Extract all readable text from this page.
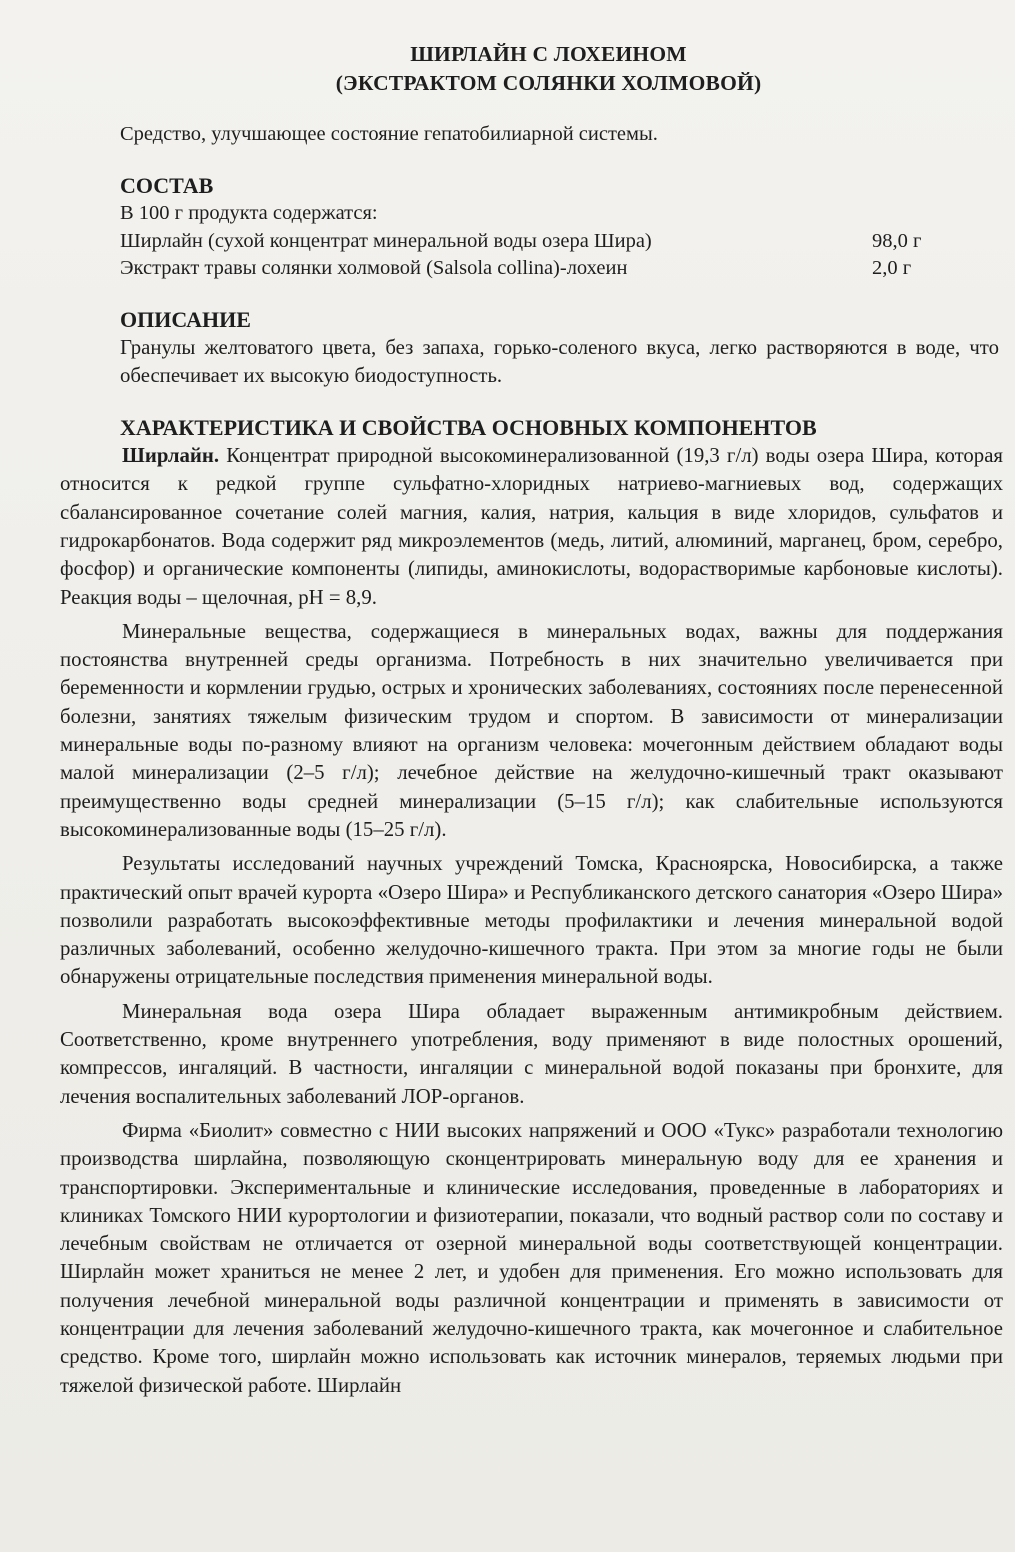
ШИРЛАЙН С ЛОХЕИНОМ
(ЭКСТРАКТОМ СОЛЯНКИ ХОЛМОВОЙ)

Средство, улучшающее состояние гепатобилиарной системы.

СОСТАВ

В 100 г продукта содержатся:

Ширлайн (сухой концентрат минеральной воды озера Шира)	98,0 г
Экстракт травы солянки холмовой (Salsola collina)-лохеин	2,0 г
ОПИСАНИЕ

Гранулы желтоватого цвета, без запаха, горько-соленого вкуса, легко растворяются в воде, что обеспечивает их высокую биодоступность.

ХАРАКТЕРИСТИКА И СВОЙСТВА ОСНОВНЫХ КОМПОНЕНТОВ

Ширлайн. Концентрат природной высокоминерализованной (19,3 г/л) воды озера Шира, которая относится к редкой группе сульфатно-хлоридных натриево-магниевых вод, содержащих сбалансированное сочетание солей магния, калия, натрия, кальция в виде хлоридов, сульфатов и гидрокарбонатов. Вода содержит ряд микроэлементов (медь, литий, алюминий, марганец, бром, серебро, фосфор) и органические компоненты (липиды, аминокислоты, водорастворимые карбоновые кислоты). Реакция воды – щелочная, pH = 8,9.

Минеральные вещества, содержащиеся в минеральных водах, важны для поддержания постоянства внутренней среды организма. Потребность в них значительно увеличивается при беременности и кормлении грудью, острых и хронических заболеваниях, состояниях после перенесенной болезни, занятиях тяжелым физическим трудом и спортом. В зависимости от минерализации минеральные воды по-разному влияют на организм человека: мочегонным действием обладают воды малой минерализации (2–5 г/л); лечебное действие на желудочно-кишечный тракт оказывают преимущественно воды средней минерализации (5–15 г/л); как слабительные используются высокоминерализованные воды (15–25 г/л).

Результаты исследований научных учреждений Томска, Красноярска, Новосибирска, а также практический опыт врачей курорта «Озеро Шира» и Республиканского детского санатория «Озеро Шира» позволили разработать высокоэффективные методы профилактики и лечения минеральной водой различных заболеваний, особенно желудочно-кишечного тракта. При этом за многие годы не были обнаружены отрицательные последствия применения минеральной воды.

Минеральная вода озера Шира обладает выраженным антимикробным действием. Соответственно, кроме внутреннего употребления, воду применяют в виде полостных орошений, компрессов, ингаляций. В частности, ингаляции с минеральной водой показаны при бронхите, для лечения воспалительных заболеваний ЛОР-органов.

Фирма «Биолит» совместно с НИИ высоких напряжений и ООО «Тукс» разработали технологию производства ширлайна, позволяющую сконцентрировать минеральную воду для ее хранения и транспортировки. Экспериментальные и клинические исследования, проведенные в лабораториях и клиниках Томского НИИ курортологии и физиотерапии, показали, что водный раствор соли по составу и лечебным свойствам не отличается от озерной минеральной воды соответствующей концентрации. Ширлайн может храниться не менее 2 лет, и удобен для применения. Его можно использовать для получения лечебной минеральной воды различной концентрации и применять в зависимости от концентрации для лечения заболеваний желудочно-кишечного тракта, как мочегонное и слабительное средство. Кроме того, ширлайн можно использовать как источник минералов, теряемых людьми при тяжелой физической работе. Ширлайн
